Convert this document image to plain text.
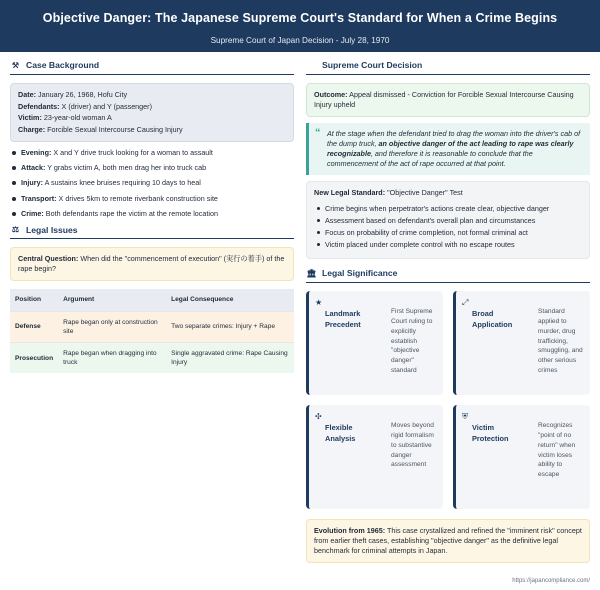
Objective Danger: The Japanese Supreme Court's Standard for When a Crime Begins
Supreme Court of Japan Decision - July 28, 1970
⚒ Case Background
Date: January 26, 1968, Hofu City
Defendants: X (driver) and Y (passenger)
Victim: 23-year-old woman A
Charge: Forcible Sexual Intercourse Causing Injury
Evening: X and Y drive truck looking for a woman to assault
Attack: Y grabs victim A, both men drag her into truck cab
Injury: A sustains knee bruises requiring 10 days to heal
Transport: X drives 5km to remote riverbank construction site
Crime: Both defendants rape the victim at the remote location
⚖ Legal Issues
Central Question: When did the "commencement of execution" (実行の着手) of the rape begin?
Position	Argument	Legal Consequence
Defense	Rape began only at construction site	Two separate crimes: Injury + Rape
Prosecution	Rape began when dragging into truck	Single aggravated crime: Rape Causing Injury
Supreme Court Decision
Outcome: Appeal dismissed - Conviction for Forcible Sexual Intercourse Causing Injury upheld
“ At the stage when the defendant tried to drag the woman into the driver's cab of the dump truck, an objective danger of the act leading to rape was clearly recognizable, and therefore it is reasonable to conclude that the commencement of the act of rape occurred at that point.
New Legal Standard: "Objective Danger" Test
Crime begins when perpetrator's actions create clear, objective danger
Assessment based on defendant's overall plan and circumstances
Focus on probability of crime completion, not formal criminal act
Victim placed under complete control with no escape routes
🏛 Legal Significance
★
Landmark Precedent
First Supreme Court ruling to explicitly establish "objective danger" standard
⤢
Broad Application
Standard applied to murder, drug trafficking, smuggling, and other serious crimes
✣
Flexible Analysis
Moves beyond rigid formalism to substantive danger assessment
⛨
Victim Protection
Recognizes "point of no return" when victim loses ability to escape
Evolution from 1965: This case crystallized and refined the "imminent risk" concept from earlier theft cases, establishing "objective danger" as the definitive legal benchmark for criminal attempts in Japan.
https://japancompliance.com/
